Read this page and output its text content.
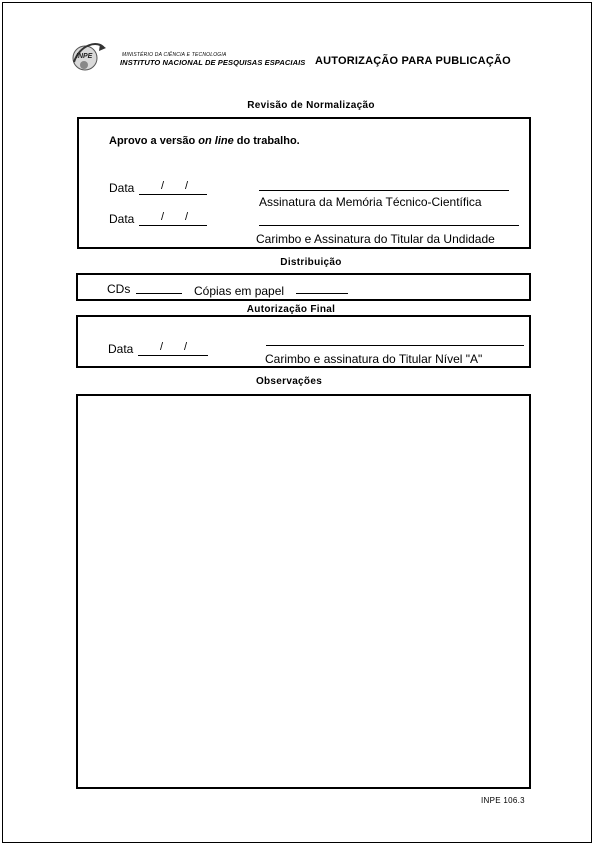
INPE	MINISTÉRIO DA CIÊNCIA E TECNOLOGIA
INSTITUTO NACIONAL DE PESQUISAS ESPACIAIS AUTORIZAÇÃO PARA PUBLICAÇÃO
Revisão de Normalização
Aprovo a versão on line do trabalho.
Data / /
Assinatura da Memória Técnico-Científica
Data / /
Carimbo e Assinatura do Titular da Undidade
Distribuição
CDs	Cópias em papel
Autorização Final
Data / /
Carimbo e assinatura do Titular Nível "A"
Observações
INPE 106.3
